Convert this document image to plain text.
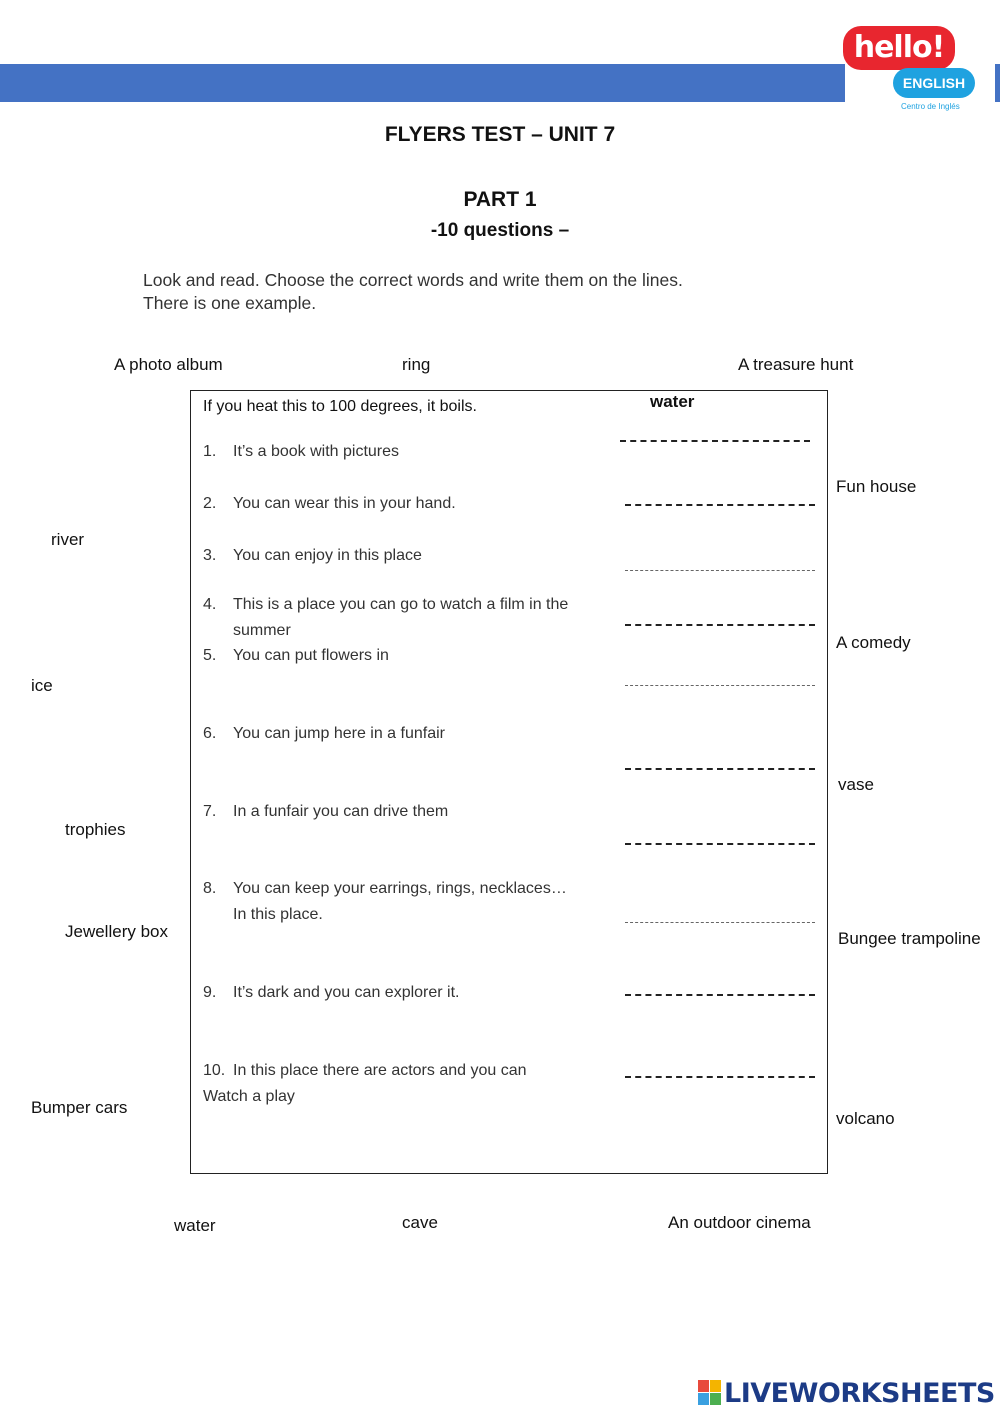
hello!
ENGLISH
Centro de Inglés
FLYERS TEST – UNIT 7
PART 1
-10 questions –
Look and read. Choose the correct words and write them on the lines.
There is one example.
A photo album	ring	A treasure hunt
Fun house
river
A comedy
ice
vase
trophies
Jewellery box	Bungee trampoline
Bumper cars
volcano
water	cave	An outdoor cinema
If you heat this to 100 degrees, it boils.	water
1. It’s a book with pictures
2. You can wear this in your hand.
3. You can enjoy in this place
4. This is a place you can go to watch a film in the
summer
5. You can put flowers in
6. You can jump here in a funfair
7. In a funfair you can drive them
8. You can keep your earrings, rings, necklaces…
In this place.
9. It’s dark and you can explorer it.
10. In this place there are actors and you can
Watch a play
LIVEWORKSHEETS
